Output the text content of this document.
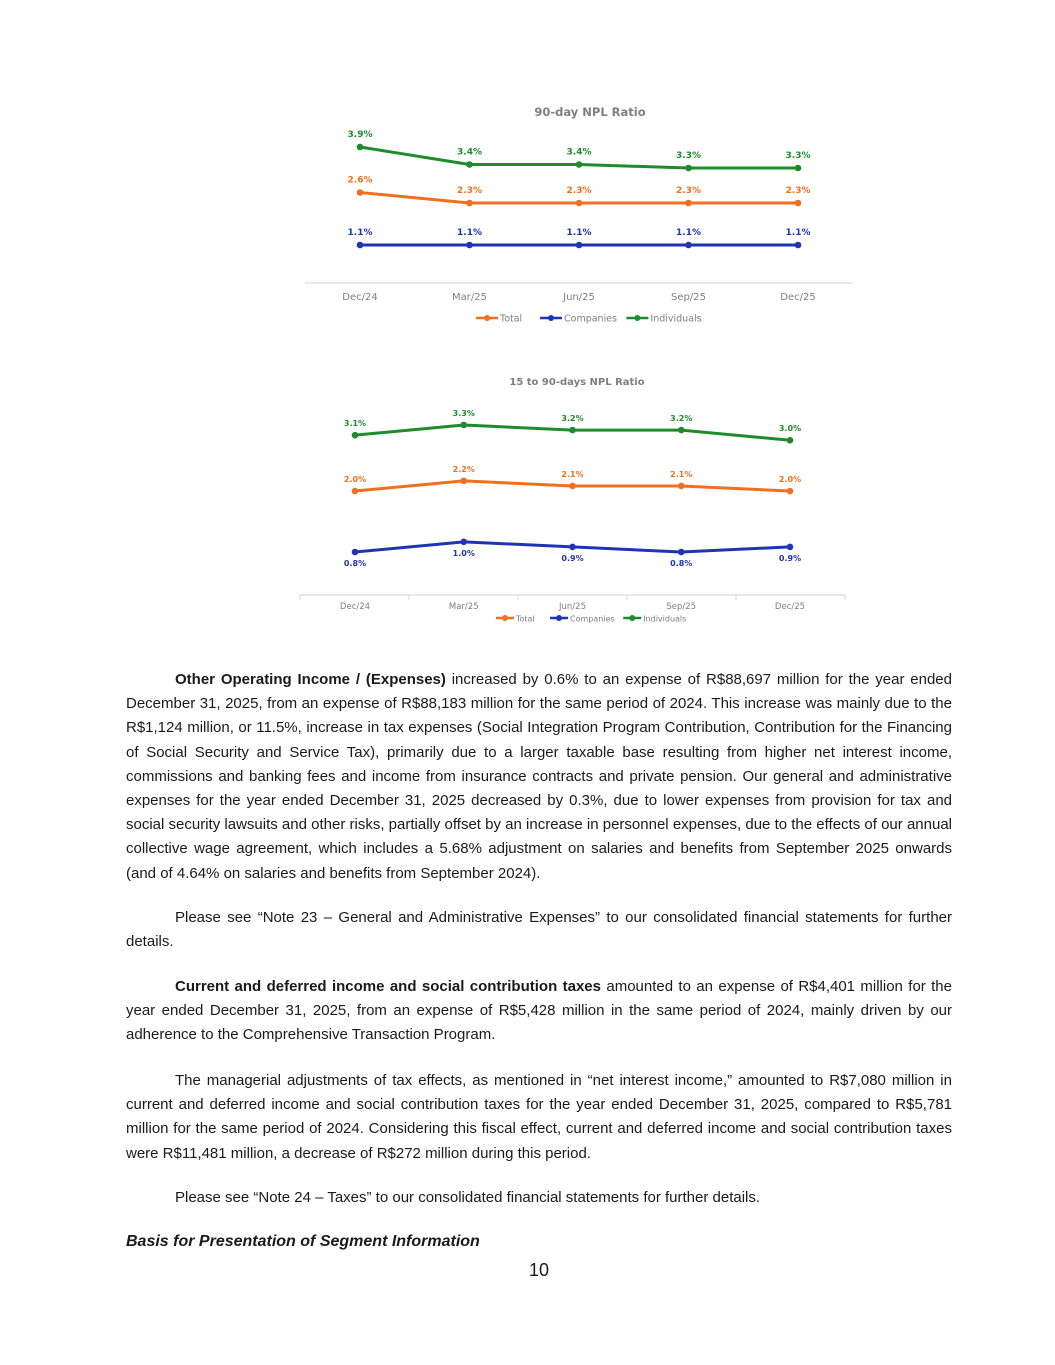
90-day NPL Ratio
Dec/24	Mar/25	Jun/25	Sep/25	Dec/25
2.6%
2.3%	2.3%	2.3%	2.3%
1.1%	1.1%	1.1%	1.1%	1.1%
3.9%
3.4%	3.4%	3.3%	3.3%
Total	Companies	Individuals
15 to 90-days NPL Ratio
Dec/24	Mar/25	Jun/25	Sep/25	Dec/25
2.0%
2.2%
2.1%	2.1%
2.0%
0.8%
1.0%
0.9%
0.8%
0.9%
3.1%
3.3%
3.2%	3.2%
3.0%
Total	Companies	Individuals

Other Operating Income / (Expenses) increased by 0.6% to an expense of R$88,697 million for the year ended December 31, 2025, from an expense of R$88,183 million for the same period of 2024. This increase was mainly due to the R$1,124 million, or 11.5%, increase in tax expenses (Social Integration Program Contribution, Contribution for the Financing of Social Security and Service Tax), primarily due to a larger taxable base resulting from higher net interest income, commissions and banking fees and income from insurance contracts and private pension. Our general and administrative expenses for the year ended December 31, 2025 decreased by 0.3%, due to lower expenses from provision for tax and social security lawsuits and other risks, partially offset by an increase in personnel expenses, due to the effects of our annual collective wage agreement, which includes a 5.68% adjustment on salaries and benefits from September 2025 onwards (and of 4.64% on salaries and benefits from September 2024).

Please see “Note 23 – General and Administrative Expenses” to our consolidated financial statements for further details.

Current and deferred income and social contribution taxes amounted to an expense of R$4,401 million for the year ended December 31, 2025, from an expense of R$5,428 million in the same period of 2024, mainly driven by our adherence to the Comprehensive Transaction Program.

The managerial adjustments of tax effects, as mentioned in “net interest income,” amounted to R$7,080 million in current and deferred income and social contribution taxes for the year ended December 31, 2025, compared to R$5,781 million for the same period of 2024. Considering this fiscal effect, current and deferred income and social contribution taxes were R$11,481 million, a decrease of R$272 million during this period.

Please see “Note 24 – Taxes” to our consolidated financial statements for further details.

Basis for Presentation of Segment Information

10
